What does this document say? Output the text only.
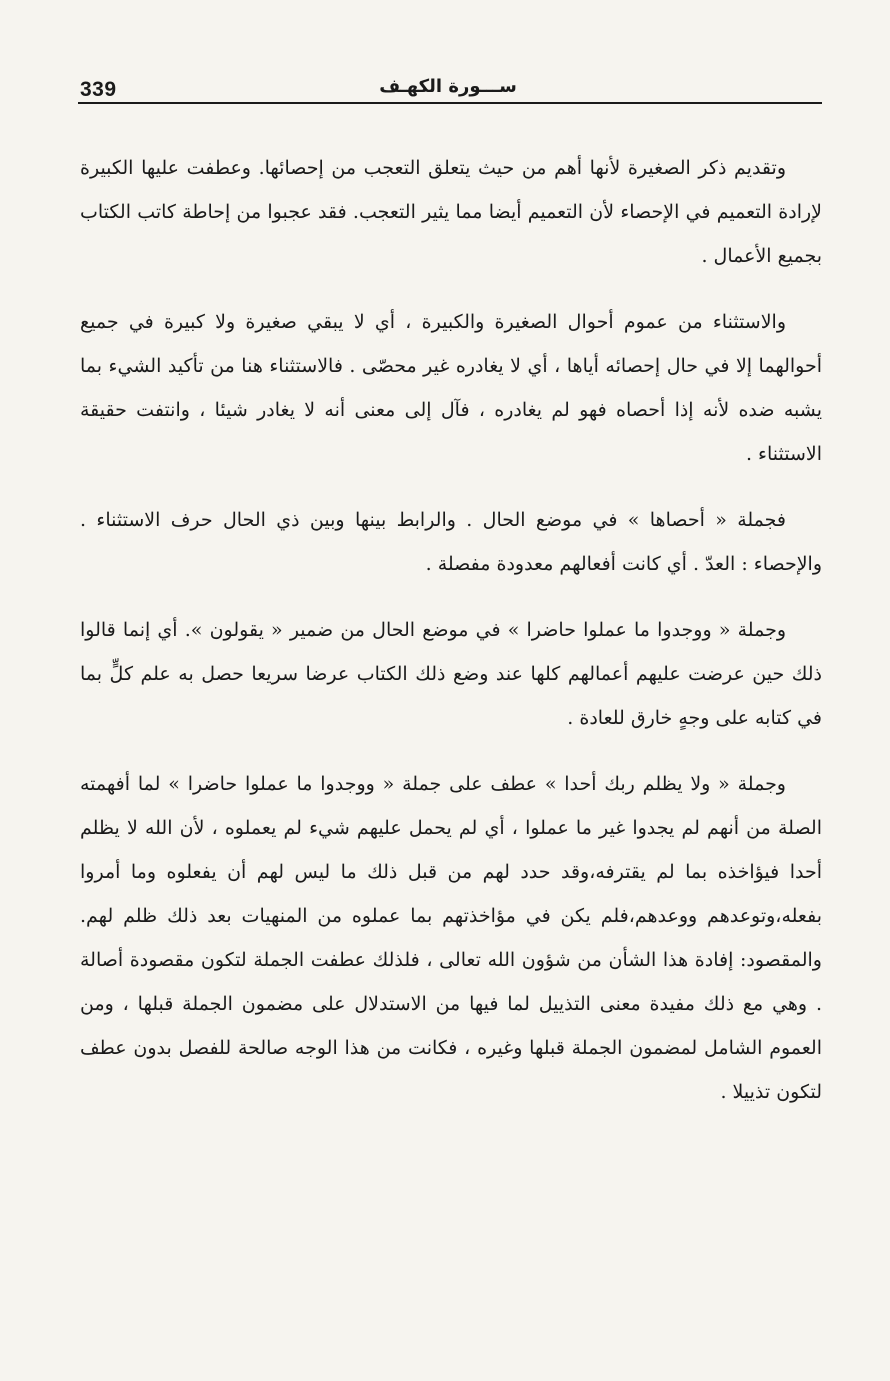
339	ســـورة الكهـف

وتقديم ذكر الصغيرة لأنها أهم من حيث يتعلق التعجب من إحصائها. وعطفت عليها الكبيرة لإرادة التعميم في الإحصاء لأن التعميم أيضا مما يثير التعجب. فقد عجبوا من إحاطة كاتب الكتاب بجميع الأعمال .

والاستثناء من عموم أحوال الصغيرة والكبيرة ، أي لا يبقي صغيرة ولا كبيرة في جميع أحوالهما إلا في حال إحصائه أياها ، أي لا يغادره غير محصّى . فالاستثناء هنا من تأكيد الشيء بما يشبه ضده لأنه إذا أحصاه فهو لم يغادره ، فآل إلى معنى أنه لا يغادر شيئا ، وانتفت حقيقة الاستثناء .

فجملة « أحصاها » في موضع الحال . والرابط بينها وبين ذي الحال حرف الاستثناء . والإحصاء : العدّ . أي كانت أفعالهم معدودة مفصلة .

وجملة « ووجدوا ما عملوا حاضرا » في موضع الحال من ضمير « يقولون ». أي إنما قالوا ذلك حين عرضت عليهم أعمالهم كلها عند وضع ذلك الكتاب عرضا سريعا حصل به علم كلٍّ بما في كتابه على وجهٍ خارق للعادة .

وجملة « ولا يظلم ربك أحدا » عطف على جملة « ووجدوا ما عملوا حاضرا » لما أفهمته الصلة من أنهم لم يجدوا غير ما عملوا ، أي لم يحمل عليهم شيء لم يعملوه ، لأن الله لا يظلم أحدا فيؤاخذه بما لم يقترفه،وقد حدد لهم من قبل ذلك ما ليس لهم أن يفعلوه وما أمروا بفعله،وتوعدهم ووعدهم،فلم يكن في مؤاخذتهم بما عملوه من المنهيات بعد ذلك ظلم لهم. والمقصود: إفادة هذا الشأن من شؤون الله تعالى ، فلذلك عطفت الجملة لتكون مقصودة أصالة . وهي مع ذلك مفيدة معنى التذييل لما فيها من الاستدلال على مضمون الجملة قبلها ، ومن العموم الشامل لمضمون الجملة قبلها وغيره ، فكانت من هذا الوجه صالحة للفصل بدون عطف لتكون تذييلا .
